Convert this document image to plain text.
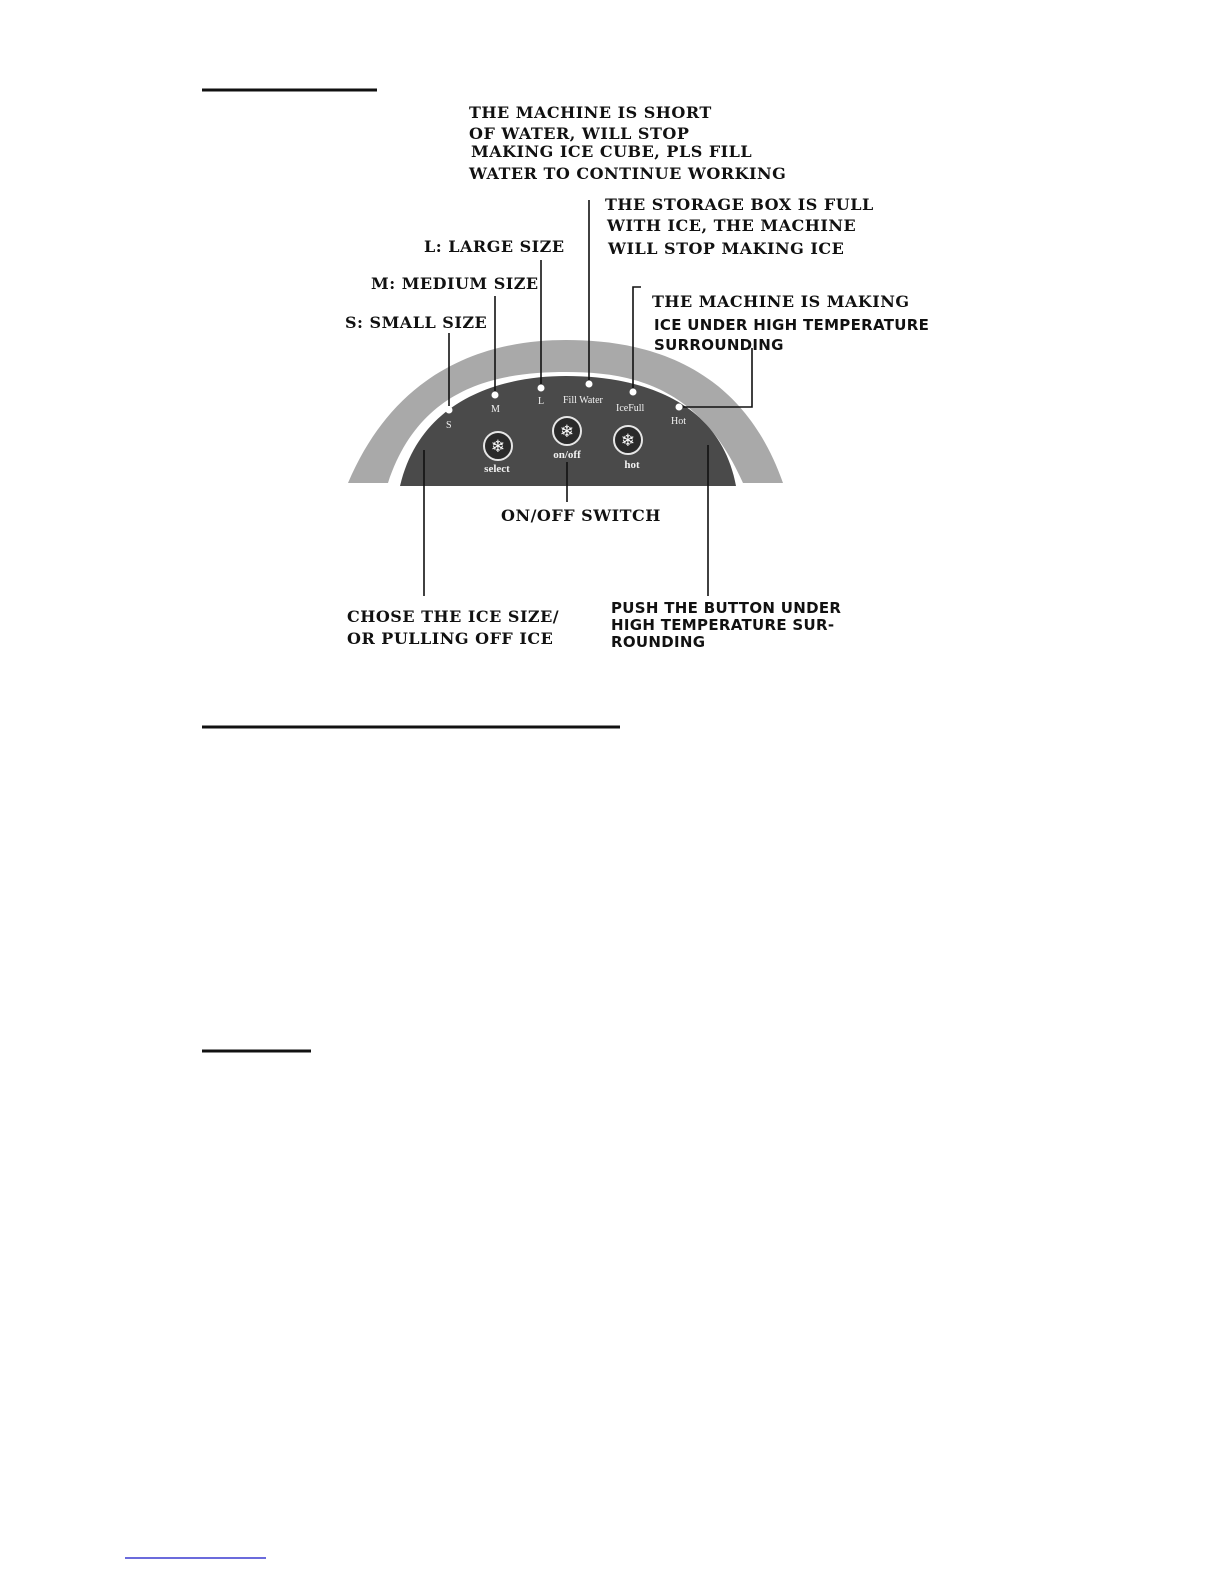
S
M
L Fill Water
IceFull
Hot
❄
select
❄
on/off
❄
hot
THE MACHINE IS SHORT
OF WATER, WILL STOP
MAKING ICE CUBE, PLS FILL
WATER TO CONTINUE WORKING
THE STORAGE BOX IS FULL
WITH ICE, THE MACHINE
WILL STOP MAKING ICE
L: LARGE SIZE
M: MEDIUM SIZE
S: SMALL SIZE
THE MACHINE IS MAKING
ICE UNDER HIGH TEMPERATURE
SURROUNDING
ON/OFF SWITCH
CHOSE THE ICE SIZE/
OR PULLING OFF ICE
PUSH THE BUTTON UNDER
HIGH TEMPERATURE SUR-
ROUNDING
